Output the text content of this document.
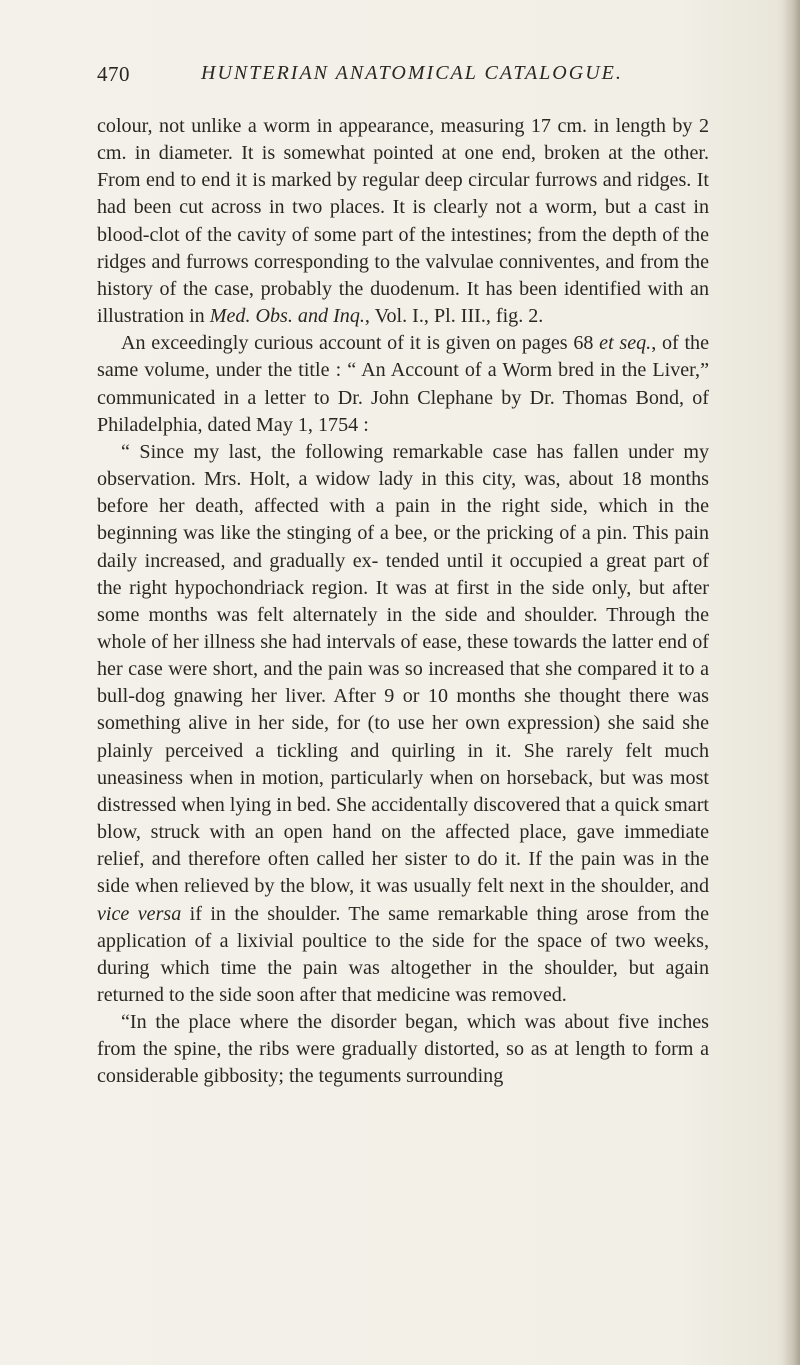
470	HUNTERIAN ANATOMICAL CATALOGUE.

colour, not unlike a worm in appearance, measuring 17 cm. in length by 2 cm. in diameter. It is somewhat pointed at one end, broken at the other. From end to end it is marked by regular deep circular furrows and ridges. It had been cut across in two places. It is clearly not a worm, but a cast in blood-clot of the cavity of some part of the intestines; from the depth of the ridges and furrows corresponding to the valvulae conniventes, and from the history of the case, probably the duodenum. It has been identified with an illustration in Med. Obs. and Inq., Vol. I., Pl. III., fig. 2.

An exceedingly curious account of it is given on pages 68 et seq., of the same volume, under the title : “ An Account of a Worm bred in the Liver,” communicated in a letter to Dr. John Clephane by Dr. Thomas Bond, of Philadelphia, dated May 1, 1754 :

“ Since my last, the following remarkable case has fallen under my observation. Mrs. Holt, a widow lady in this city, was, about 18 months before her death, affected with a pain in the right side, which in the beginning was like the stinging of a bee, or the pricking of a pin. This pain daily increased, and gradually ex- tended until it occupied a great part of the right hypochondriack region. It was at first in the side only, but after some months was felt alternately in the side and shoulder. Through the whole of her illness she had intervals of ease, these towards the latter end of her case were short, and the pain was so increased that she compared it to a bull-dog gnawing her liver. After 9 or 10 months she thought there was something alive in her side, for (to use her own expression) she said she plainly perceived a tickling and quirling in it. She rarely felt much uneasiness when in motion, particularly when on horseback, but was most distressed when lying in bed. She accidentally discovered that a quick smart blow, struck with an open hand on the affected place, gave immediate relief, and therefore often called her sister to do it. If the pain was in the side when relieved by the blow, it was usually felt next in the shoulder, and vice versa if in the shoulder. The same remarkable thing arose from the application of a lixivial poultice to the side for the space of two weeks, during which time the pain was altogether in the shoulder, but again returned to the side soon after that medicine was removed.

“In the place where the disorder began, which was about five inches from the spine, the ribs were gradually distorted, so as at length to form a considerable gibbosity; the teguments surrounding
